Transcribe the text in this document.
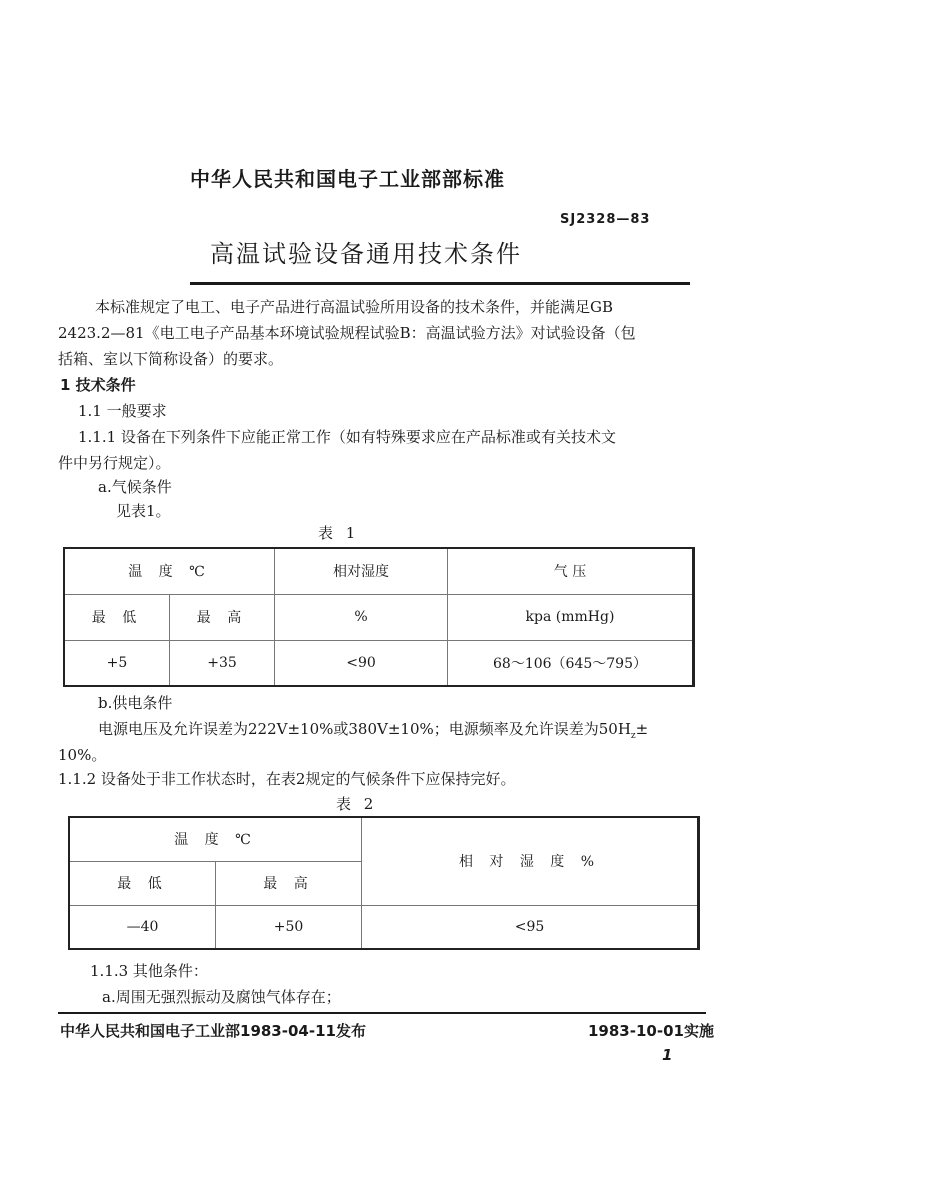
中华人民共和国电子工业部部标准
SJ2328—83
高温试验设备通用技术条件
本标准规定了电工、电子产品进行高温试验所用设备的技术条件，并能满足GB
2423.2—81《电工电子产品基本环境试验规程试验B：高温试验方法》对试验设备（包
括箱、室以下简称设备）的要求。
1 技术条件
1.1 一般要求
1.1.1 设备在下列条件下应能正常工作（如有特殊要求应在产品标准或有关技术文
件中另行规定）。
a.气候条件
见表1。
表 1
温 度 ℃		相对湿度	气 压
最 低	最 高	%	kpa (mmHg)
+5	+35	<90	68～106（645～795）
b.供电条件
电源电压及允许误差为222V±10%或380V±10%；电源频率及允许误差为$50H_z\pm$
10%。
1.1.2 设备处于非工作状态时，在表2规定的气候条件下应保持完好。
表 2
温 度 ℃		相 对 湿 度 %
最 低	最 高	
—40	+50	<95
1.1.3 其他条件：
a.周围无强烈振动及腐蚀气体存在；
中华人民共和国电子工业部1983-04-11发布	1983-10-01实施
1
